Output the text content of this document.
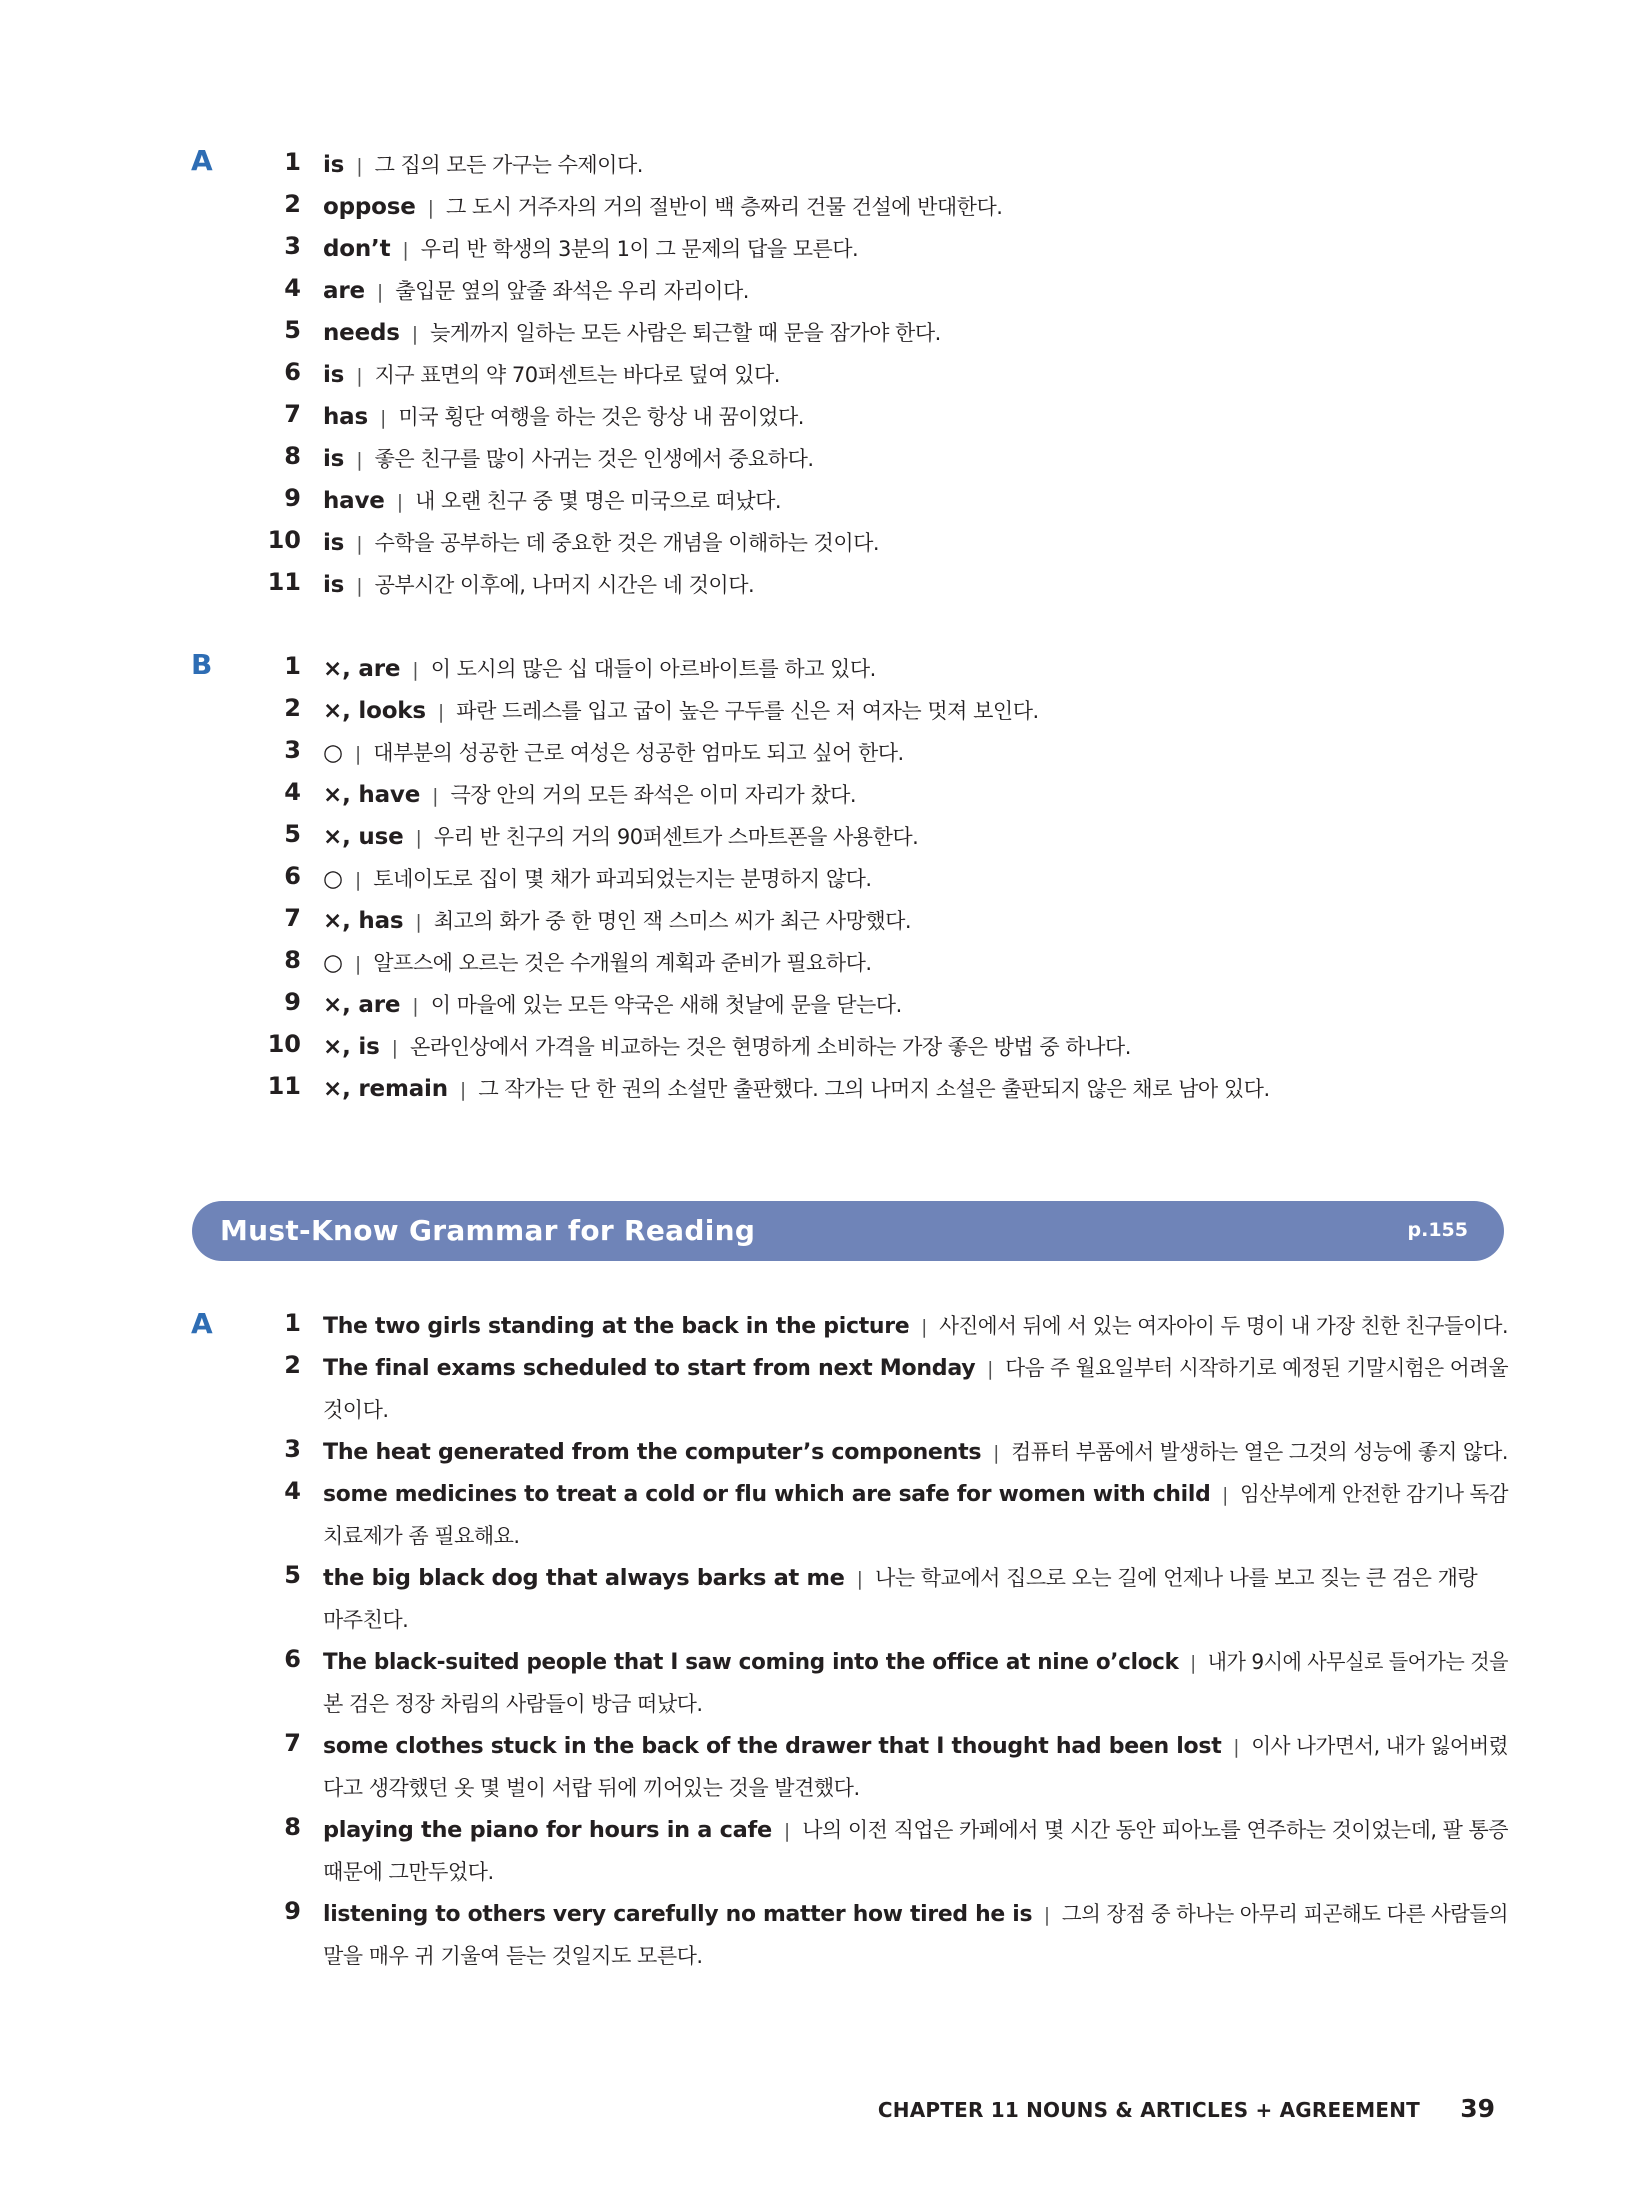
A	1 is | 그 집의 모든 가구는 수제이다.
2 oppose | 그 도시 거주자의 거의 절반이 백 층짜리 건물 건설에 반대한다.
3 don’t | 우리 반 학생의 3분의 1이 그 문제의 답을 모른다.
4 are | 출입문 옆의 앞줄 좌석은 우리 자리이다.
5 needs | 늦게까지 일하는 모든 사람은 퇴근할 때 문을 잠가야 한다.
6 is | 지구 표면의 약 70퍼센트는 바다로 덮여 있다.
7 has | 미국 횡단 여행을 하는 것은 항상 내 꿈이었다.
8 is | 좋은 친구를 많이 사귀는 것은 인생에서 중요하다.
9 have | 내 오랜 친구 중 몇 명은 미국으로 떠났다.
10 is | 수학을 공부하는 데 중요한 것은 개념을 이해하는 것이다.
11 is | 공부시간 이후에, 나머지 시간은 네 것이다.
B	1 ×, are | 이 도시의 많은 십 대들이 아르바이트를 하고 있다.
2 ×, looks | 파란 드레스를 입고 굽이 높은 구두를 신은 저 여자는 멋져 보인다.
3 ○ | 대부분의 성공한 근로 여성은 성공한 엄마도 되고 싶어 한다.
4 ×, have | 극장 안의 거의 모든 좌석은 이미 자리가 찼다.
5 ×, use | 우리 반 친구의 거의 90퍼센트가 스마트폰을 사용한다.
6 ○ | 토네이도로 집이 몇 채가 파괴되었는지는 분명하지 않다.
7 ×, has | 최고의 화가 중 한 명인 잭 스미스 씨가 최근 사망했다.
8 ○ | 알프스에 오르는 것은 수개월의 계획과 준비가 필요하다.
9 ×, are | 이 마을에 있는 모든 약국은 새해 첫날에 문을 닫는다.
10 ×, is | 온라인상에서 가격을 비교하는 것은 현명하게 소비하는 가장 좋은 방법 중 하나다.
11 ×, remain | 그 작가는 단 한 권의 소설만 출판했다. 그의 나머지 소설은 출판되지 않은 채로 남아 있다.
Must-Know Grammar for Reading	p.155
A	1 The two girls standing at the back in the picture | 사진에서 뒤에 서 있는 여자아이 두 명이 내 가장 친한 친구들이다.
2 The final exams scheduled to start from next Monday | 다음 주 월요일부터 시작하기로 예정된 기말시험은 어려울
것이다.
3 The heat generated from the computer’s components | 컴퓨터 부품에서 발생하는 열은 그것의 성능에 좋지 않다.
4 some medicines to treat a cold or flu which are safe for women with child | 임산부에게 안전한 감기나 독감
치료제가 좀 필요해요.
5 the big black dog that always barks at me | 나는 학교에서 집으로 오는 길에 언제나 나를 보고 짖는 큰 검은 개랑
마주친다.
6 The black-suited people that I saw coming into the office at nine o’clock | 내가 9시에 사무실로 들어가는 것을
본 검은 정장 차림의 사람들이 방금 떠났다.
7 some clothes stuck in the back of the drawer that I thought had been lost | 이사 나가면서, 내가 잃어버렸
다고 생각했던 옷 몇 벌이 서랍 뒤에 끼어있는 것을 발견했다.
8 playing the piano for hours in a cafe | 나의 이전 직업은 카페에서 몇 시간 동안 피아노를 연주하는 것이었는데, 팔 통증
때문에 그만두었다.
9 listening to others very carefully no matter how tired he is | 그의 장점 중 하나는 아무리 피곤해도 다른 사람들의
말을 매우 귀 기울여 듣는 것일지도 모른다.
CHAPTER 11 NOUNS & ARTICLES + AGREEMENT 39
